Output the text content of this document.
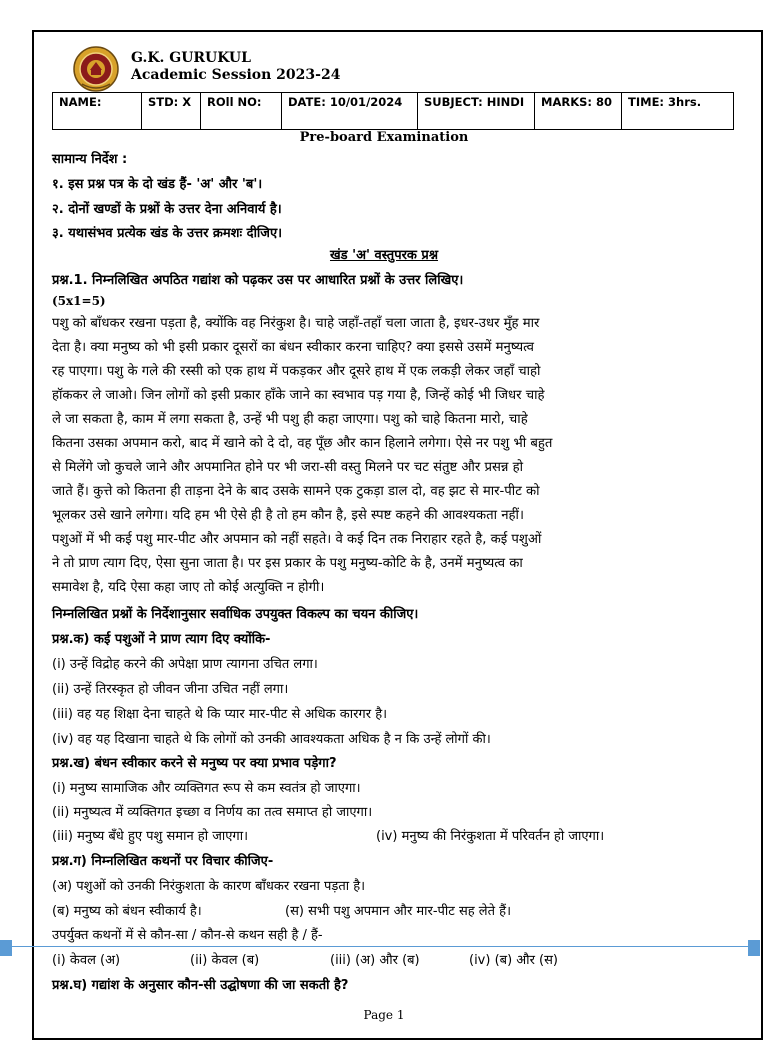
G.K. GURUKUL
Academic Session 2023-24
NAME:	STD: X	ROll NO:	DATE: 10/01/2024	SUBJECT: HINDI	MARKS: 80	TIME: 3hrs.
Pre-board Examination
सामान्य निर्देश :
१. इस प्रश्न पत्र के दो खंड हैं- 'अ' और 'ब'।
२. दोनों खण्डों के प्रश्नों के उत्तर देना अनिवार्य है।
३. यथासंभव प्रत्येक खंड के उत्तर क्रमशः दीजिए।
खंड 'अ' वस्तुपरक प्रश्न
प्रश्न.1. निम्नलिखित अपठित गद्यांश को पढ़कर उस पर आधारित प्रश्नों के उत्तर लिखिए।
(5x1=5)
पशु को बाँधकर रखना पड़ता है, क्योंकि वह निरंकुश है। चाहे जहाँ-तहाँ चला जाता है, इधर-उधर मुँह मार
देता है। क्या मनुष्य को भी इसी प्रकार दूसरों का बंधन स्वीकार करना चाहिए? क्या इससे उसमें मनुष्यत्व
रह पाएगा। पशु के गले की रस्सी को एक हाथ में पकड़कर और दूसरे हाथ में एक लकड़ी लेकर जहाँ चाहो
हॉककर ले जाओ। जिन लोगों को इसी प्रकार हाँके जाने का स्वभाव पड़ गया है, जिन्हें कोई भी जिधर चाहे
ले जा सकता है, काम में लगा सकता है, उन्हें भी पशु ही कहा जाएगा। पशु को चाहे कितना मारो, चाहे
कितना उसका अपमान करो, बाद में खाने को दे दो, वह पूँछ और कान हिलाने लगेगा। ऐसे नर पशु भी बहुत
से मिलेंगे जो कुचले जाने और अपमानित होने पर भी जरा-सी वस्तु मिलने पर चट संतुष्ट और प्रसन्न हो
जाते हैं। कुत्ते को कितना ही ताड़ना देने के बाद उसके सामने एक टुकड़ा डाल दो, वह झट से मार-पीट को
भूलकर उसे खाने लगेगा। यदि हम भी ऐसे ही है तो हम कौन है, इसे स्पष्ट कहने की आवश्यकता नहीं।
पशुओं में भी कई पशु मार-पीट और अपमान को नहीं सहते। वे कई दिन तक निराहार रहते है, कई पशुओं
ने तो प्राण त्याग दिए, ऐसा सुना जाता है। पर इस प्रकार के पशु मनुष्य-कोटि के है, उनमें मनुष्यत्व का
समावेश है, यदि ऐसा कहा जाए तो कोई अत्युक्ति न होगी।
निम्नलिखित प्रश्नों के निर्देशानुसार सर्वाधिक उपयुक्त विकल्प का चयन कीजिए।
प्रश्न.क) कई पशुओं ने प्राण त्याग दिए क्योंकि-
(i) उन्हें विद्रोह करने की अपेक्षा प्राण त्यागना उचित लगा।
(ii) उन्हें तिरस्कृत हो जीवन जीना उचित नहीं लगा।
(iii) वह यह शिक्षा देना चाहते थे कि प्यार मार-पीट से अधिक कारगर है।
(iv) वह यह दिखाना चाहते थे कि लोगों को उनकी आवश्यकता अधिक है न कि उन्हें लोगों की।
प्रश्न.ख) बंधन स्वीकार करने से मनुष्य पर क्या प्रभाव पड़ेगा?
(i) मनुष्य सामाजिक और व्यक्तिगत रूप से कम स्वतंत्र हो जाएगा।
(ii) मनुष्यत्व में व्यक्तिगत इच्छा व निर्णय का तत्व समाप्त हो जाएगा।
(iii) मनुष्य बँधे हुए पशु समान हो जाएगा।	(iv) मनुष्य की निरंकुशता में परिवर्तन हो जाएगा।
प्रश्न.ग) निम्नलिखित कथनों पर विचार कीजिए-
(अ) पशुओं को उनकी निरंकुशता के कारण बाँधकर रखना पड़ता है।
(ब) मनुष्य को बंधन स्वीकार्य है।	(स) सभी पशु अपमान और मार-पीट सह लेते हैं।
उपर्युक्त कथनों में से कौन-सा / कौन-से कथन सही है / हैं-
(i) केवल (अ)	(ii) केवल (ब)	(iii) (अ) और (ब)	(iv) (ब) और (स)
प्रश्न.घ) गद्यांश के अनुसार कौन-सी उद्घोषणा की जा सकती है?
Page 1
